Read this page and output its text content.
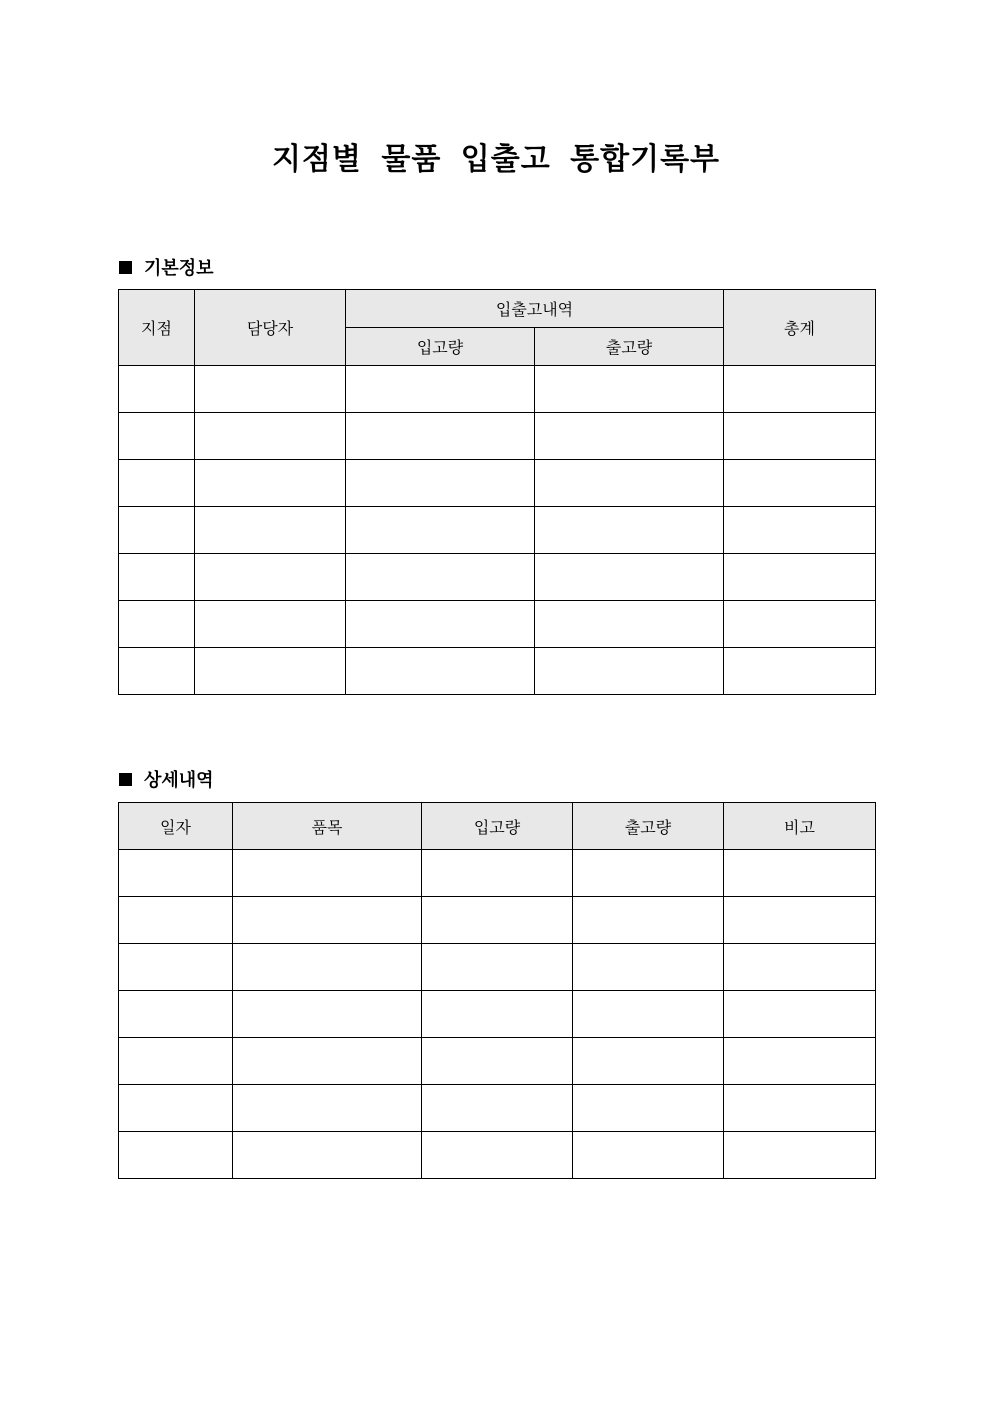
지점별 물품 입출고 통합기록부
기본정보
지점	담당자	입출고내역		총계
		입고량	출고량	

상세내역
일자	품목	입고량	출고량	비고
